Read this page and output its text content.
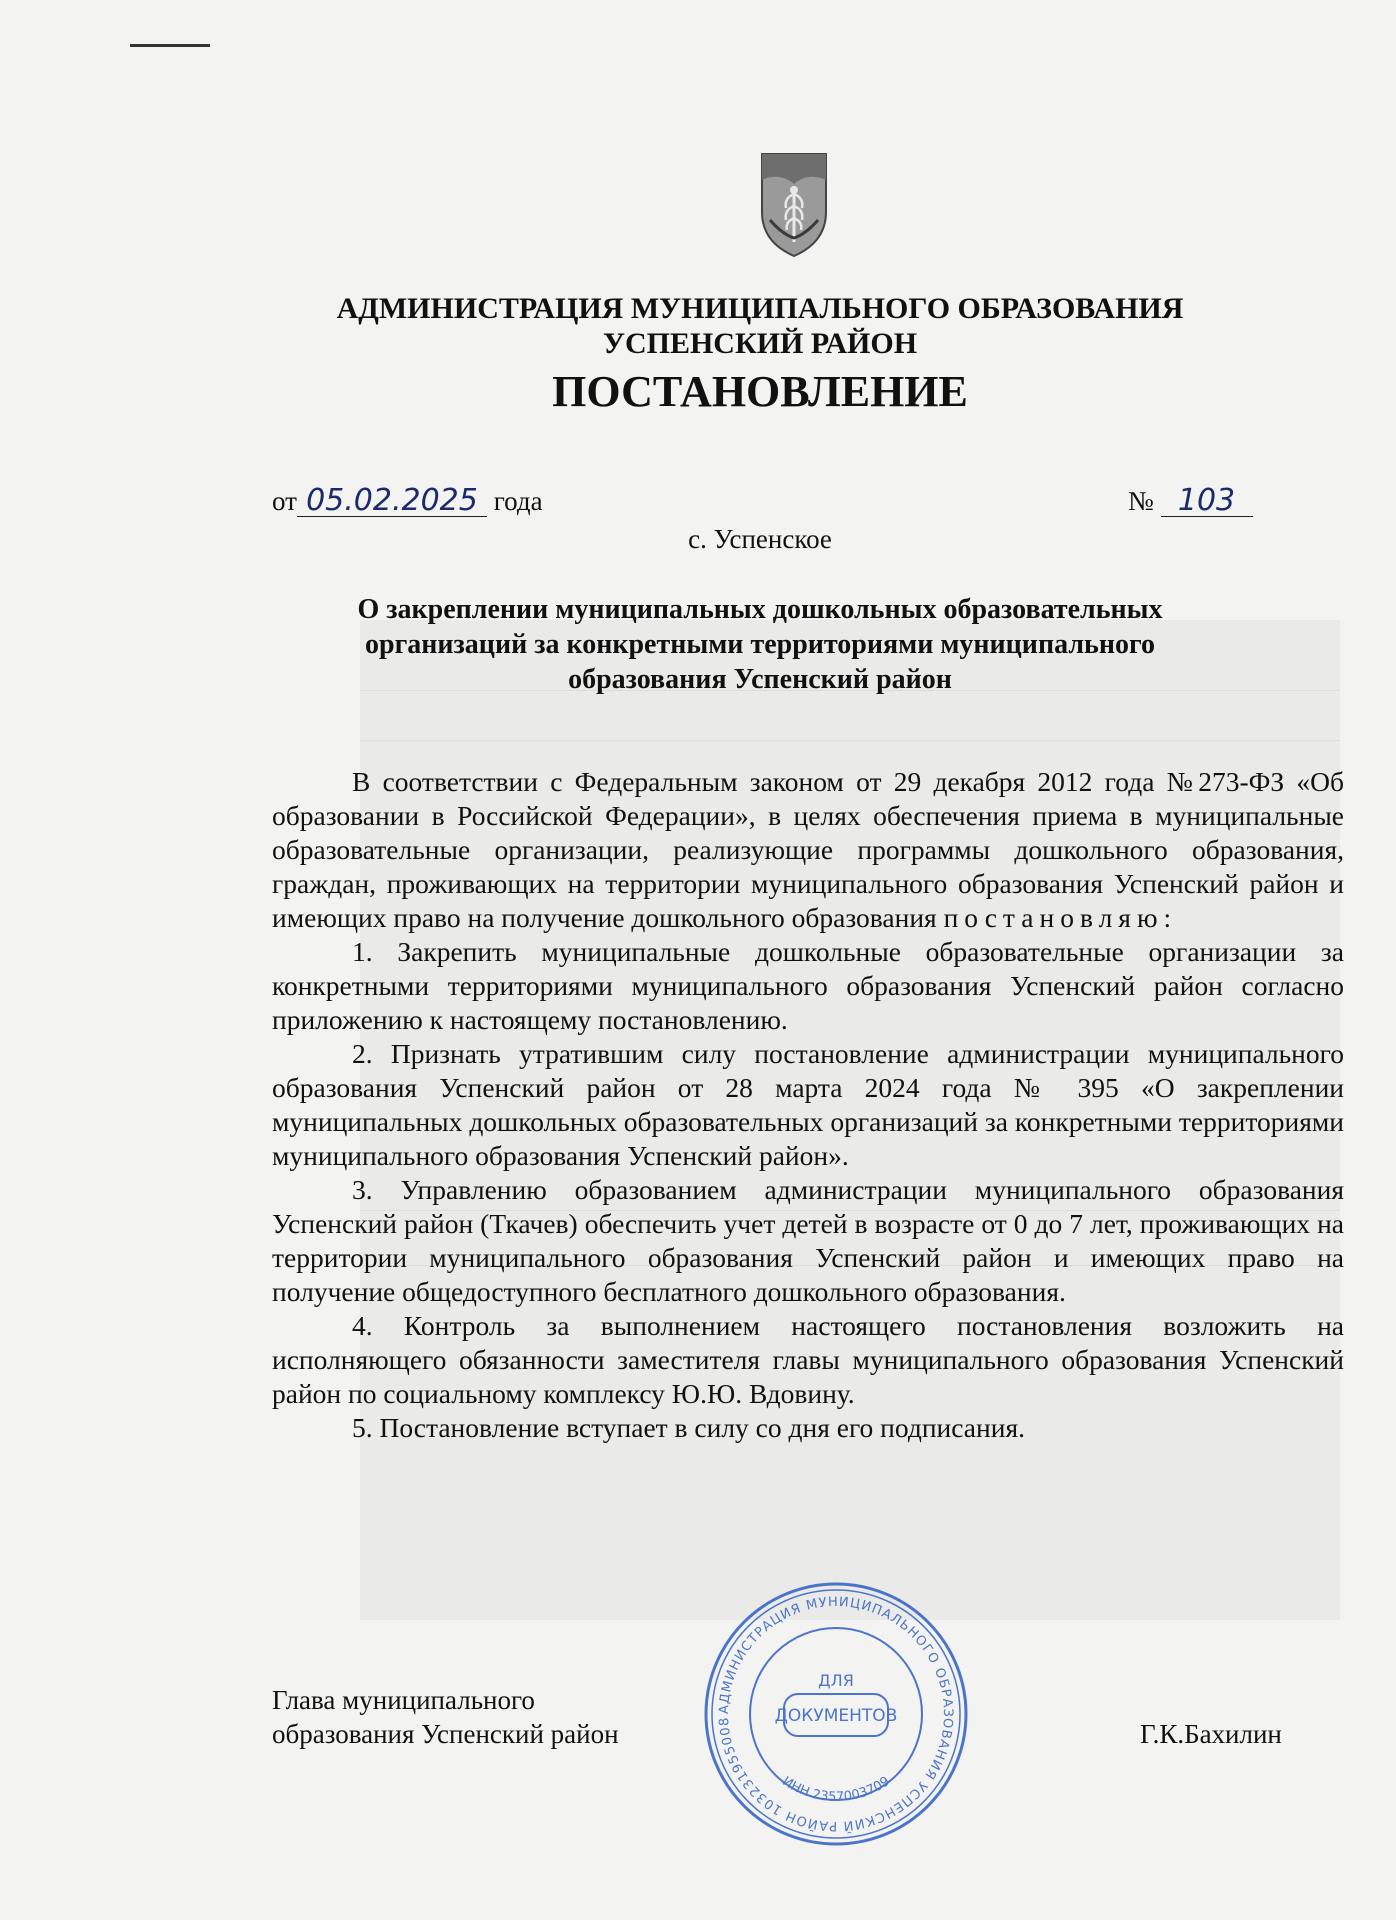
АДМИНИСТРАЦИЯ МУНИЦИПАЛЬНОГО ОБРАЗОВАНИЯ
УСПЕНСКИЙ РАЙОН
ПОСТАНОВЛЕНИЕ
от 05.02.2025 года	№ 103
с. Успенское
О закреплении муниципальных дошкольных образовательных организаций за конкретными территориями муниципального образования Успенский район

В соответствии с Федеральным законом от 29 декабря 2012 года №273-ФЗ «Об образовании в Российской Федерации», в целях обеспечения приема в муниципальные образовательные организации, реализующие программы дошкольного образования, граждан, проживающих на территории муниципального образования Успенский район и имеющих право на получение дошкольного образования постановляю:

1. Закрепить муниципальные дошкольные образовательные организации за конкретными территориями муниципального образования Успенский район согласно приложению к настоящему постановлению.

2. Признать утратившим силу постановление администрации муниципального образования Успенский район от 28 марта 2024 года № 395 «О закреплении муниципальных дошкольных образовательных организаций за конкретными территориями муниципального образования Успенский район».

3. Управлению образованием администрации муниципального образования Успенский район (Ткачев) обеспечить учет детей в возрасте от 0 до 7 лет, проживающих на территории муниципального образования Успенский район и имеющих право на получение общедоступного бесплатного дошкольного образования.

4. Контроль за выполнением настоящего постановления возложить на исполняющего обязанности заместителя главы муниципального образования Успенский район по социальному комплексу Ю.Ю. Вдовину.

5. Постановление вступает в силу со дня его подписания.

Глава муниципального
образования Успенский район	Г.К.Бахилин
АДМИНИСТРАЦИЯ МУНИЦИПАЛЬНОГО ОБРАЗОВАНИЯ УСПЕНСКИЙ РАЙОН 103231955008
ДЛЯ
ДОКУМЕНТОВ
ИНН 2357003709
